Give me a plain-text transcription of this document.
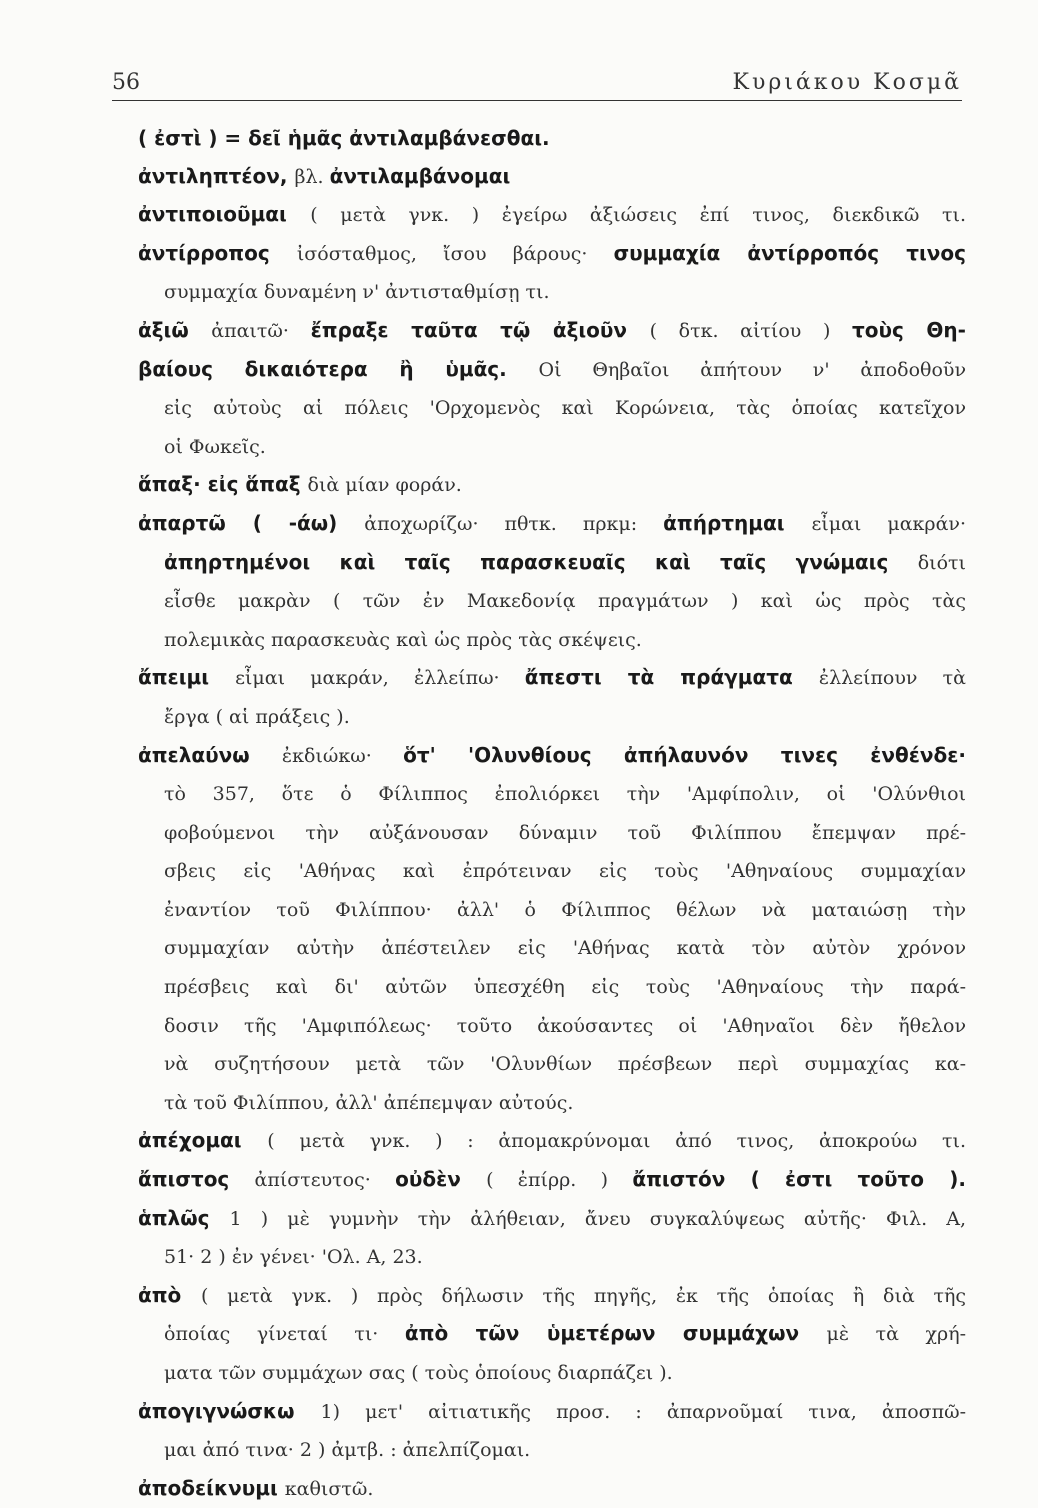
56	Κυριάκου Κοσμᾶ
( ἐστὶ ) = δεῖ ἡμᾶς ἀντιλαμβάνεσθαι.
ἀντιληπτέον, βλ. ἀντιλαμβάνομαι
ἀντιποιοῦμαι ( μετὰ γνκ. ) ἐγείρω ἀξιώσεις ἐπί τινος, διεκδικῶ τι.
ἀντίρροπος ἰσόσταθμος, ἴσου βάρους· συμμαχία ἀντίρροπός τινος
συμμαχία δυναμένη ν' ἀντισταθμίσῃ τι.
ἀξιῶ ἀπαιτῶ· ἔπραξε ταῦτα τῷ ἀξιοῦν ( δτκ. αἰτίου ) τοὺς Θη-
βαίους δικαιότερα ἢ ὑμᾶς. Οἱ Θηβαῖοι ἀπήτουν ν' ἀποδοθοῦν
εἰς αὐτοὺς αἱ πόλεις 'Ορχομενὸς καὶ Κορώνεια, τὰς ὁποίας κατεῖχον
οἱ Φωκεῖς.
ἅπαξ· εἰς ἅπαξ διὰ μίαν φοράν.
ἀπαρτῶ ( -άω) ἀποχωρίζω· πθτκ. πρκμ: ἀπήρτημαι εἶμαι μακράν·
ἀπηρτημένοι καὶ ταῖς παρασκευαῖς καὶ ταῖς γνώμαις διότι
εἶσθε μακρὰν ( τῶν ἐν Μακεδονίᾳ πραγμάτων ) καὶ ὡς πρὸς τὰς
πολεμικὰς παρασκευὰς καὶ ὡς πρὸς τὰς σκέψεις.
ἄπειμι εἶμαι μακράν, ἐλλείπω· ἄπεστι τὰ πράγματα ἐλλείπουν τὰ
ἔργα ( αἱ πράξεις ).
ἀπελαύνω ἐκδιώκω· ὅτ' 'Ολυνθίους ἀπήλαυνόν τινες ἐνθένδε·
τὸ 357, ὅτε ὁ Φίλιππος ἐπολιόρκει τὴν 'Αμφίπολιν, οἱ 'Ολύνθιοι
φοβούμενοι τὴν αὐξάνουσαν δύναμιν τοῦ Φιλίππου ἔπεμψαν πρέ-
σβεις εἰς 'Αθήνας καὶ ἐπρότειναν εἰς τοὺς 'Αθηναίους συμμαχίαν
ἐναντίον τοῦ Φιλίππου· ἀλλ' ὁ Φίλιππος θέλων νὰ ματαιώσῃ τὴν
συμμαχίαν αὐτὴν ἀπέστειλεν εἰς 'Αθήνας κατὰ τὸν αὐτὸν χρόνον
πρέσβεις καὶ δι' αὐτῶν ὑπεσχέθη εἰς τοὺς 'Αθηναίους τὴν παρά-
δοσιν τῆς 'Αμφιπόλεως· τοῦτο ἀκούσαντες οἱ 'Αθηναῖοι δὲν ἤθελον
νὰ συζητήσουν μετὰ τῶν 'Ολυνθίων πρέσβεων περὶ συμμαχίας κα-
τὰ τοῦ Φιλίππου, ἀλλ' ἀπέπεμψαν αὐτούς.
ἀπέχομαι ( μετὰ γνκ. ) : ἀπομακρύνομαι ἀπό τινος, ἀποκρούω τι.
ἄπιστος ἀπίστευτος· οὐδὲν ( ἐπίρρ. ) ἄπιστόν ( ἐστι τοῦτο ).
ἁπλῶς 1 ) μὲ γυμνὴν τὴν ἀλήθειαν, ἄνευ συγκαλύψεως αὐτῆς· Φιλ. Α,
51· 2 ) ἐν γένει· 'Ολ. Α, 23.
ἀπὸ ( μετὰ γνκ. ) πρὸς δήλωσιν τῆς πηγῆς, ἐκ τῆς ὁποίας ἢ διὰ τῆς
ὁποίας γίνεταί τι· ἀπὸ τῶν ὑμετέρων συμμάχων μὲ τὰ χρή-
ματα τῶν συμμάχων σας ( τοὺς ὁποίους διαρπάζει ).
ἀπογιγνώσκω 1) μετ' αἰτιατικῆς προσ. : ἀπαρνοῦμαί τινα, ἀποσπῶ-
μαι ἀπό τινα· 2 ) ἀμτβ. : ἀπελπίζομαι.
ἀποδείκνυμι καθιστῶ.
